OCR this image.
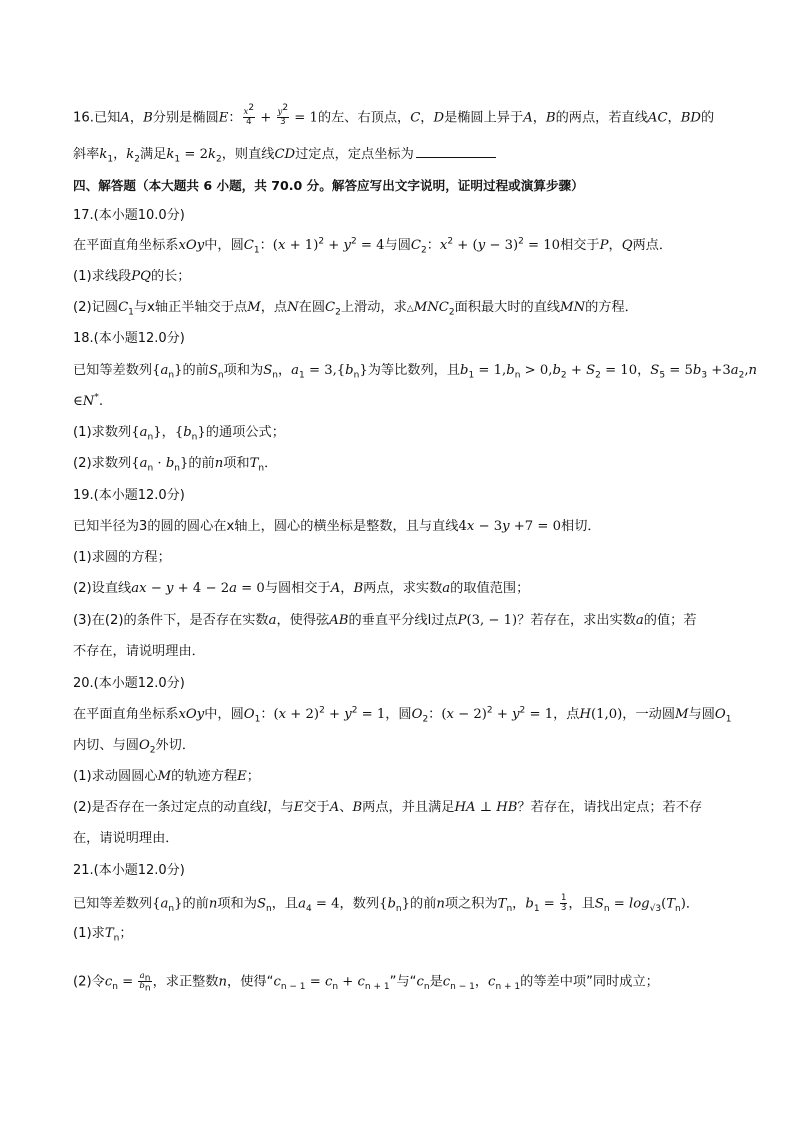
16.已知A，B分别是椭圆E： $\frac{x^2}{4} + \frac{y^2}{3} = 1$的左、右顶点，C，D是椭圆上异于A，B的两点，若直线AC，BD的
斜率$k_1$，$k_2$满足$k_1 = 2k_2$，则直线CD过定点，定点坐标为
四、解答题（本大题共 6 小题，共 70.0 分。解答应写出文字说明，证明过程或演算步骤）
17.(本小题10.0分)
在平面直角坐标系xOy中，圆$C_1$：$(x + 1)^2 + y^2 = 4$与圆$C_2$：$x^2 + (y - 3)^2 = 10$相交于P，Q两点．
(1)求线段PQ的长；
(2)记圆$C_1$与x轴正半轴交于点M，点N在圆$C_2$上滑动，求$\triangle MNC_2$面积最大时的直线MN的方程．
18.(本小题12.0分)
已知等差数列$\{a_n\}$的前$S_n$项和为$S_n$，$a_1 = 3,\{b_n\}$为等比数列，且$b_1 = 1,b_n > 0,b_2 + S_2 = 10$，$S_5 = 5b_3 +3a_2,n$
∈N*.
(1)求数列$\{a_n\}$，$\{b_n\}$的通项公式；
(2)求数列$\{a_n \cdot b_n\}$的前n项和$T_n$．
19.(本小题12.0分)
已知半径为3的圆的圆心在x轴上，圆心的横坐标是整数，且与直线4x − 3y +7 = 0相切．
(1)求圆的方程；
(2)设直线ax − y + 4 − 2a = 0与圆相交于A，B两点，求实数a的取值范围；
(3)在(2)的条件下，是否存在实数a，使得弦AB的垂直平分线l过点P(3, − 1)？若存在，求出实数a的值；若
不存在，请说明理由．
20.(本小题12.0分)
在平面直角坐标系xOy中，圆$O_1$：$(x + 2)^2 + y^2 = 1$，圆$O_2$：$(x - 2)^2 + y^2 = 1$，点H(1,0)，一动圆M与圆$O_1$
内切、与圆$O_2$外切．
(1)求动圆圆心M的轨迹方程E；
(2)是否存在一条过定点的动直线l，与E交于A、B两点，并且满足HA ⊥ HB？若存在，请找出定点；若不存
在，请说明理由．
21.(本小题12.0分)
已知等差数列$\{a_n\}$的前n项和为$S_n$，且$a_4 = 4$，数列$\{b_n\}$的前n项之积为$T_n$，$b_1 = \frac{1}{3}$ ，且$S_n = \log_{√3}(T_n)$．
(1)求$T_n$；
(2)令$c_n = \frac{a_n}{b_n}$ ，求正整数n，使得“$c_{n - 1} = c_n + c_{n + 1}$”与“$c_n$是$c_{n - 1}$，$c_{n + 1}$的等差中项”同时成立；
